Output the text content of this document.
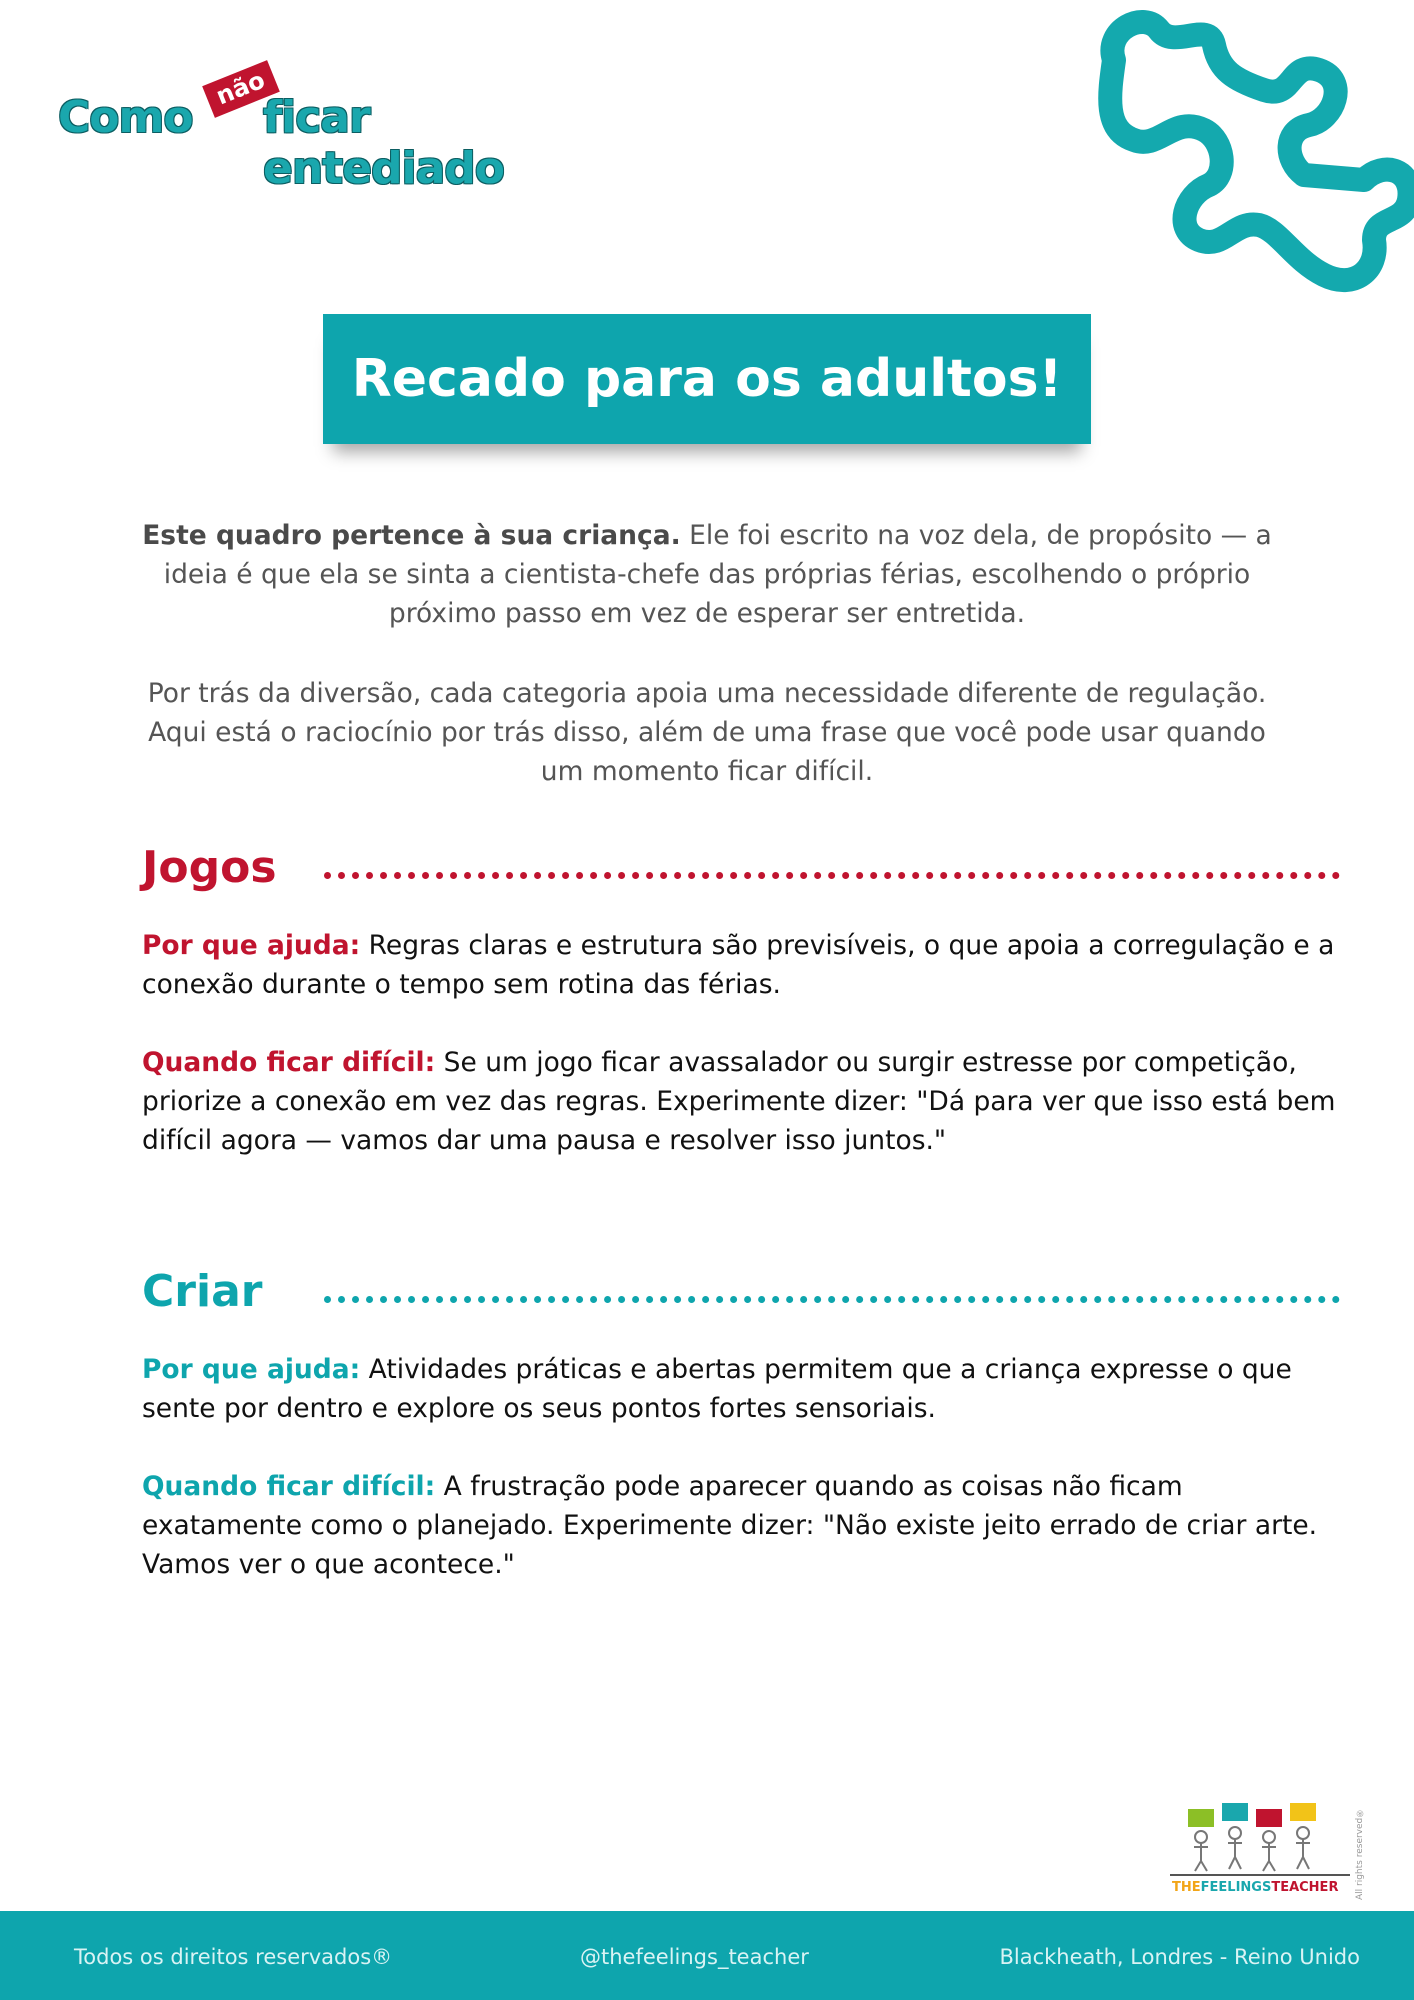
Como
não
ficar entediado
Recado para os adultos!

Este quadro pertence à sua criança. Ele foi escrito na voz dela, de propósito — a ideia é que ela se sinta a cientista-chefe das próprias férias, escolhendo o próprio próximo passo em vez de esperar ser entretida.

Por trás da diversão, cada categoria apoia uma necessidade diferente de regulação. Aqui está o raciocínio por trás disso, além de uma frase que você pode usar quando um momento ficar difícil.

Jogos

Por que ajuda: Regras claras e estrutura são previsíveis, o que apoia a corregulação e a conexão durante o tempo sem rotina das férias.

Quando ficar difícil: Se um jogo ficar avassalador ou surgir estresse por competição, priorize a conexão em vez das regras. Experimente dizer: "Dá para ver que isso está bem difícil agora — vamos dar uma pausa e resolver isso juntos."

Criar

Por que ajuda: Atividades práticas e abertas permitem que a criança expresse o que sente por dentro e explore os seus pontos fortes sensoriais.

Quando ficar difícil: A frustração pode aparecer quando as coisas não ficam exatamente como o planejado. Experimente dizer: "Não existe jeito errado de criar arte. Vamos ver o que acontece."

THEFEELINGSTEACHER All rights reserved®
Todos os direitos reservados®	@thefeelings_teacher	Blackheath, Londres - Reino Unido
